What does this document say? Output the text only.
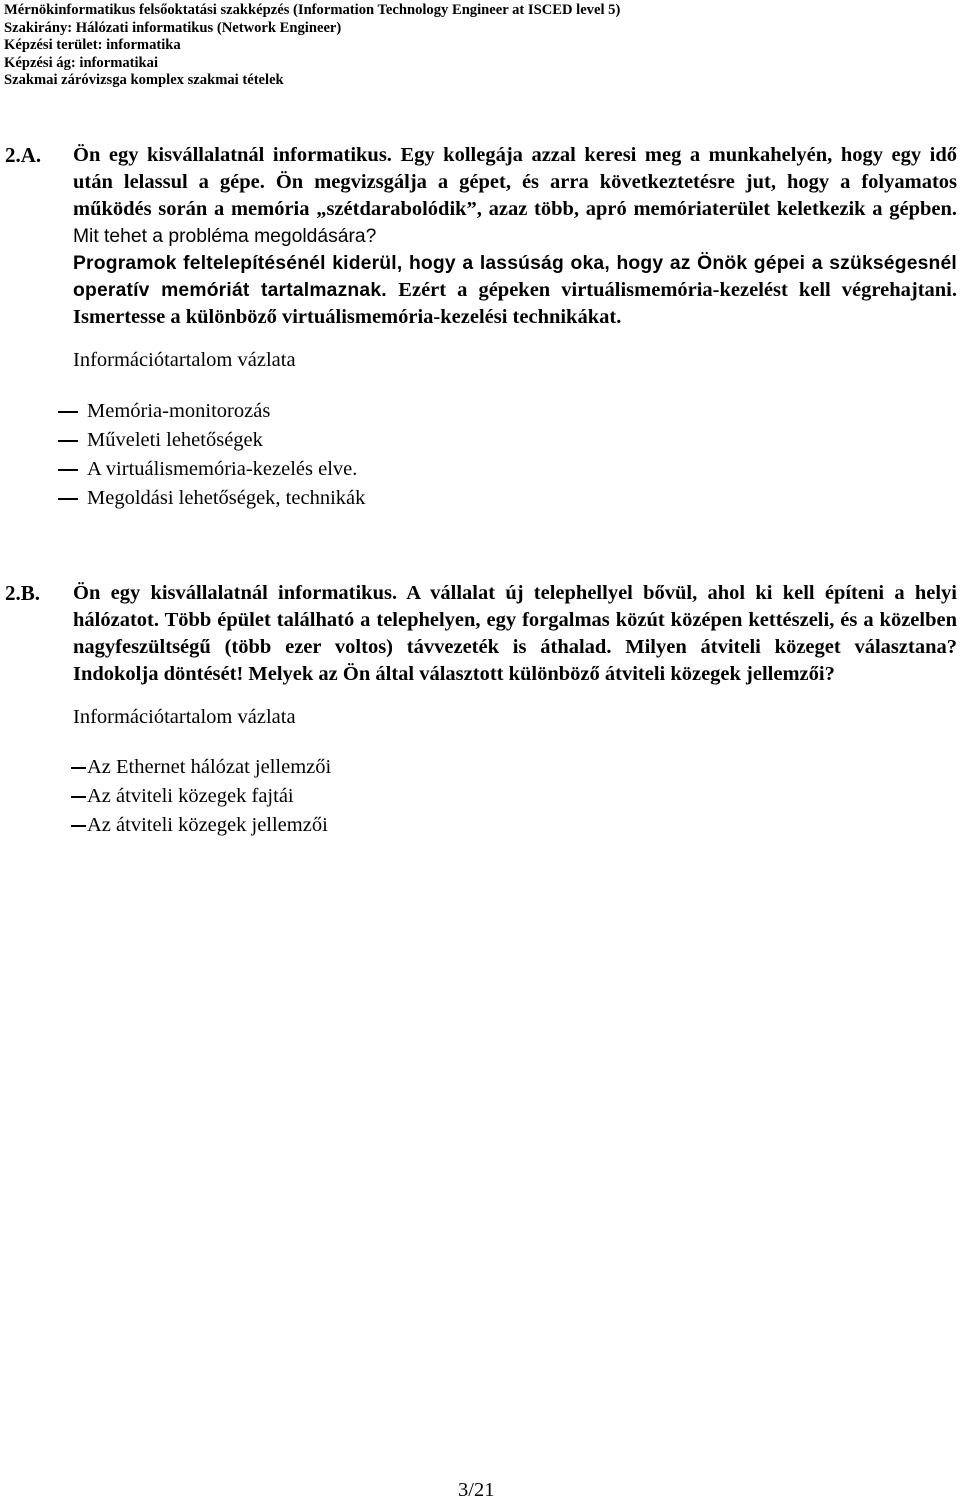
Mérnökinformatikus felsőoktatási szakképzés (Information Technology Engineer at ISCED level 5)
Szakirány: Hálózati informatikus (Network Engineer)
Képzési terület: informatika
Képzési ág: informatikai
Szakmai záróvizsga komplex szakmai tételek
2.A. Ön egy kisvállalatnál informatikus. Egy kollegája azzal keresi meg a munkahelyén, hogy egy idő után lelassul a gépe. Ön megvizsgálja a gépet, és arra következtetésre jut, hogy a folyamatos működés során a memória „szétdarabolódik”, azaz több, apró memóriaterület keletkezik a gépben. Mit tehet a probléma megoldására?

Programok feltelepítésénél kiderül, hogy a lassúság oka, hogy az Önök gépei a szükségesnél operatív memóriát tartalmaznak. Ezért a gépeken virtuálismemória-kezelést kell végrehajtani. Ismertesse a különböző virtuálismemória-kezelési technikákat.

Információtartalom vázlata

Memória-monitorozás
Műveleti lehetőségek
A virtuálismemória-kezelés elve.
Megoldási lehetőségek, technikák
2.B. Ön egy kisvállalatnál informatikus. A vállalat új telephellyel bővül, ahol ki kell építeni a helyi hálózatot. Több épület található a telephelyen, egy forgalmas közút középen kettészeli, és a közelben nagyfeszültségű (több ezer voltos) távvezeték is áthalad. Milyen átviteli közeget választana? Indokolja döntését! Melyek az Ön által választott különböző átviteli közegek jellemzői?

Információtartalom vázlata

Az Ethernet hálózat jellemzői
Az átviteli közegek fajtái
Az átviteli közegek jellemzői
3/21
